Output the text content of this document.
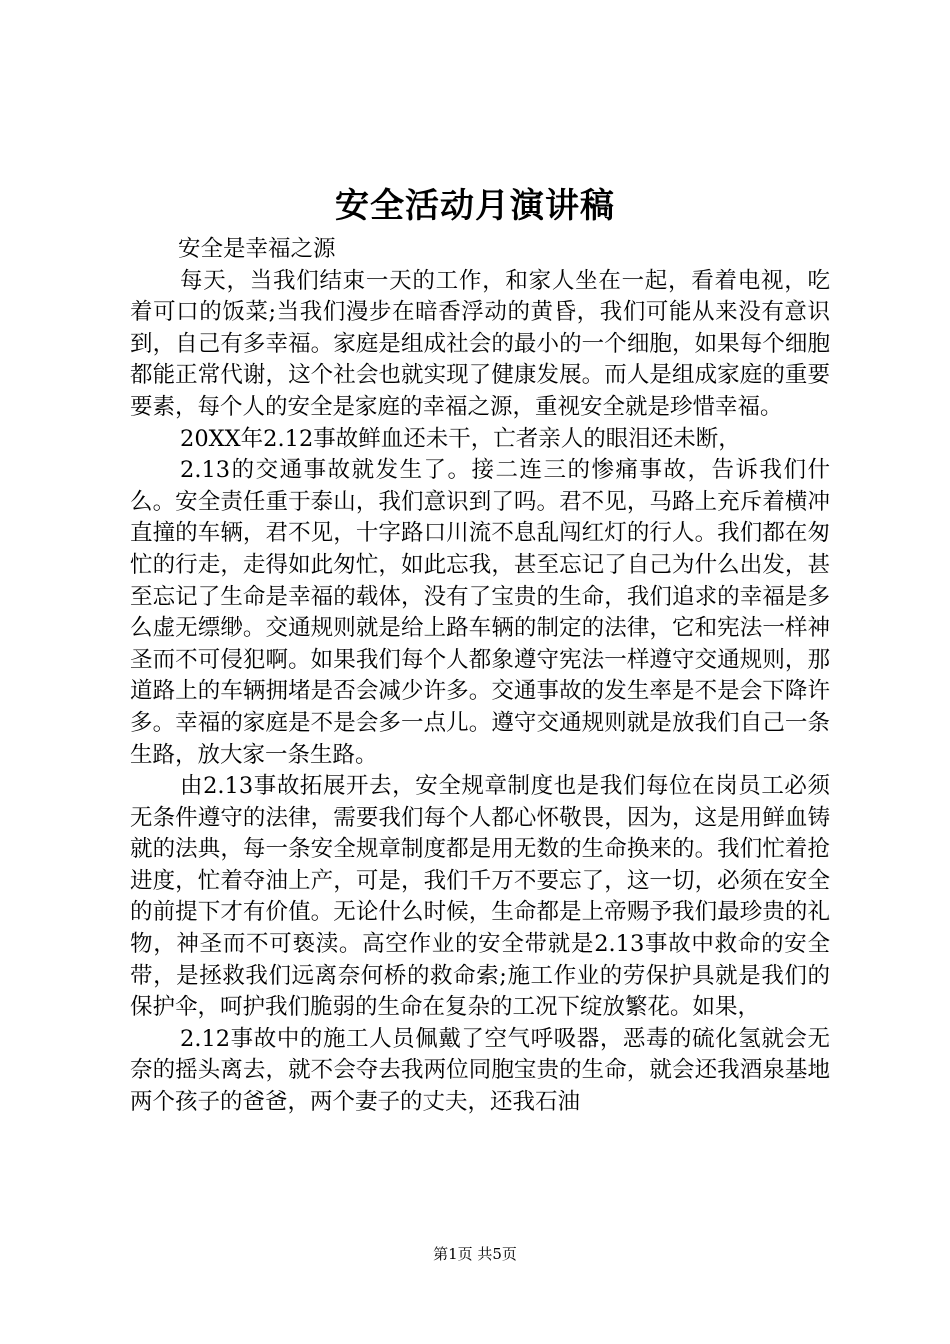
安全活动月演讲稿

安全是幸福之源

每天，当我们结束一天的工作，和家人坐在一起，看着电视，吃着可口的饭菜;当我们漫步在暗香浮动的黄昏，我们可能从来没有意识到，自己有多幸福。家庭是组成社会的最小的一个细胞，如果每个细胞都能正常代谢，这个社会也就实现了健康发展。而人是组成家庭的重要要素，每个人的安全是家庭的幸福之源，重视安全就是珍惜幸福。

20XX年2.12事故鲜血还未干，亡者亲人的眼泪还未断，

2.13的交通事故就发生了。接二连三的惨痛事故，告诉我们什么。安全责任重于泰山，我们意识到了吗。君不见，马路上充斥着横冲直撞的车辆，君不见，十字路口川流不息乱闯红灯的行人。我们都在匆忙的行走，走得如此匆忙，如此忘我，甚至忘记了自己为什么出发，甚至忘记了生命是幸福的载体，没有了宝贵的生命，我们追求的幸福是多么虚无缥缈。交通规则就是给上路车辆的制定的法律，它和宪法一样神圣而不可侵犯啊。如果我们每个人都象遵守宪法一样遵守交通规则，那道路上的车辆拥堵是否会减少许多。交通事故的发生率是不是会下降许多。幸福的家庭是不是会多一点儿。遵守交通规则就是放我们自己一条生路，放大家一条生路。

由2.13事故拓展开去，安全规章制度也是我们每位在岗员工必须无条件遵守的法律，需要我们每个人都心怀敬畏，因为，这是用鲜血铸就的法典，每一条安全规章制度都是用无数的生命换来的。我们忙着抢进度，忙着夺油上产，可是，我们千万不要忘了，这一切，必须在安全的前提下才有价值。无论什么时候，生命都是上帝赐予我们最珍贵的礼物，神圣而不可亵渎。高空作业的安全带就是2.13事故中救命的安全带，是拯救我们远离奈何桥的救命索;施工作业的劳保护具就是我们的保护伞，呵护我们脆弱的生命在复杂的工况下绽放繁花。如果，

2.12事故中的施工人员佩戴了空气呼吸器，恶毒的硫化氢就会无奈的摇头离去，就不会夺去我两位同胞宝贵的生命，就会还我酒泉基地两个孩子的爸爸，两个妻子的丈夫，还我石油

第1页 共5页
